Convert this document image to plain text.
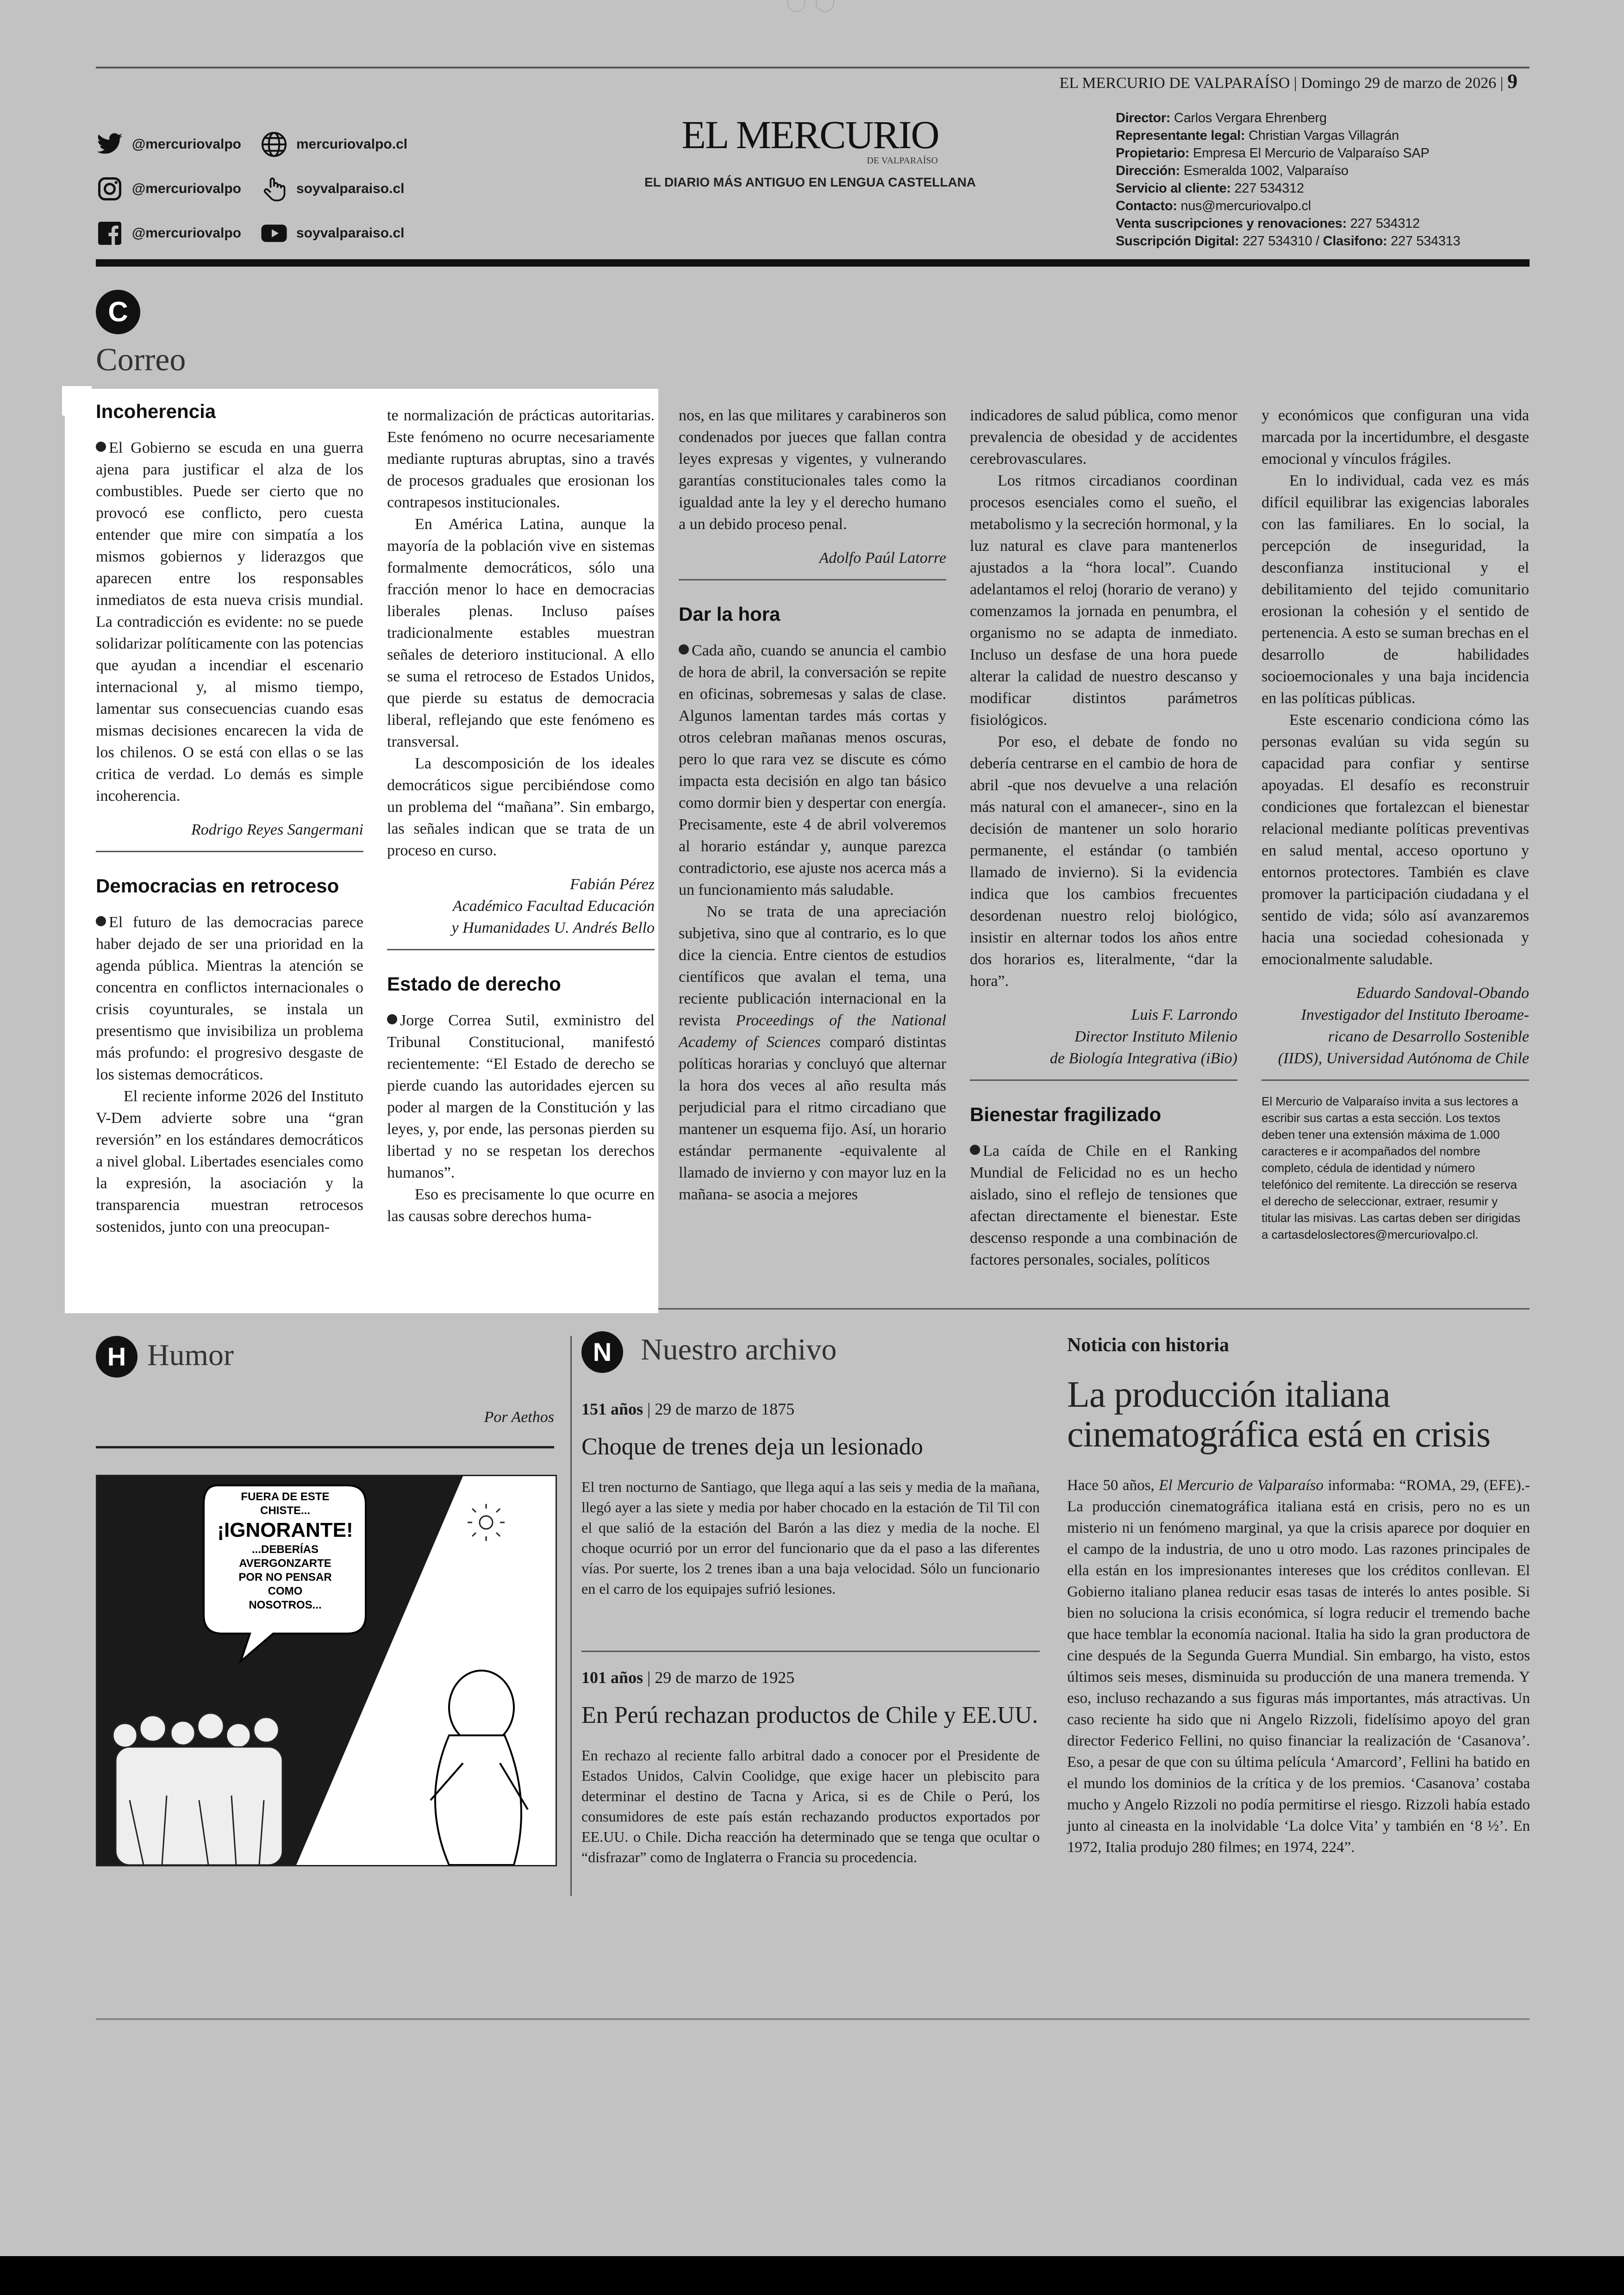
EL MERCURIO DE VALPARAÍSO | Domingo 29 de marzo de 2026 | 9
@mercuriovalpo	mercuriovalpo.cl
@mercuriovalpo	soyvalparaiso.cl
@mercuriovalpo	soyvalparaiso.cl
EL MERCURIO
DE VALPARAÍSO
EL DIARIO MÁS ANTIGUO EN LENGUA CASTELLANA
Director: Carlos Vergara Ehrenberg
Representante legal: Christian Vargas Villagrán
Propietario: Empresa El Mercurio de Valparaíso SAP
Dirección: Esmeralda 1002, Valparaíso
Servicio al cliente: 227 534312
Contacto: nus@mercuriovalpo.cl
Venta suscripciones y renovaciones: 227 534312
Suscripción Digital: 227 534310 / Clasifono: 227 534313
C
Correo
Incoherencia

El Gobierno se escuda en una guerra ajena para justificar el alza de los combustibles. Puede ser cierto que no provocó ese conflicto, pero cuesta entender que mire con simpatía a los mismos gobiernos y liderazgos que aparecen entre los responsables inmediatos de esta nueva crisis mundial. La contradicción es evidente: no se puede solidarizar políticamente con las potencias que ayudan a incendiar el escenario internacional y, al mismo tiempo, lamentar sus consecuencias cuando esas mismas decisiones encarecen la vida de los chilenos. O se está con ellas o se las critica de verdad. Lo demás es simple incoherencia.

Rodrigo Reyes Sangermani
Democracias en retroceso

El futuro de las democracias parece haber dejado de ser una prioridad en la agenda pública. Mientras la atención se concentra en conflictos internacionales o crisis coyunturales, se instala un presentismo que invisibiliza un problema más profundo: el progresivo desgaste de los sistemas democráticos.

El reciente informe 2026 del Instituto V-Dem advierte sobre una “gran reversión” en los estándares democráticos a nivel global. Libertades esenciales como la expresión, la asociación y la transparencia muestran retrocesos sostenidos, junto con una preocupan-

te normalización de prácticas autoritarias. Este fenómeno no ocurre necesariamente mediante rupturas abruptas, sino a través de procesos graduales que erosionan los contrapesos institucionales.

En América Latina, aunque la mayoría de la población vive en sistemas formalmente democráticos, sólo una fracción menor lo hace en democracias liberales plenas. Incluso países tradicionalmente estables muestran señales de deterioro institucional. A ello se suma el retroceso de Estados Unidos, que pierde su estatus de democracia liberal, reflejando que este fenómeno es transversal.

La descomposición de los ideales democráticos sigue percibiéndose como un problema del “mañana”. Sin embargo, las señales indican que se trata de un proceso en curso.

Fabián Pérez
Académico Facultad Educación
y Humanidades U. Andrés Bello
Estado de derecho

Jorge Correa Sutil, exministro del Tribunal Constitucional, manifestó recientemente: “El Estado de derecho se pierde cuando las autoridades ejercen su poder al margen de la Constitución y las leyes, y, por ende, las personas pierden su libertad y no se respetan los derechos humanos”.

Eso es precisamente lo que ocurre en las causas sobre derechos huma-

nos, en las que militares y carabineros son condenados por jueces que fallan contra leyes expresas y vigentes, y vulnerando garantías constitucionales tales como la igualdad ante la ley y el derecho humano a un debido proceso penal.

Adolfo Paúl Latorre
Dar la hora

Cada año, cuando se anuncia el cambio de hora de abril, la conversación se repite en oficinas, sobremesas y salas de clase. Algunos lamentan tardes más cortas y otros celebran mañanas menos oscuras, pero lo que rara vez se discute es cómo impacta esta decisión en algo tan básico como dormir bien y despertar con energía. Precisamente, este 4 de abril volveremos al horario estándar y, aunque parezca contradictorio, ese ajuste nos acerca más a un funcionamiento más saludable.

No se trata de una apreciación subjetiva, sino que al contrario, es lo que dice la ciencia. Entre cientos de estudios científicos que avalan el tema, una reciente publicación internacional en la revista Proceedings of the National Academy of Sciences comparó distintas políticas horarias y concluyó que alternar la hora dos veces al año resulta más perjudicial para el ritmo circadiano que mantener un esquema fijo. Así, un horario estándar permanente -equivalente al llamado de invierno y con mayor luz en la mañana- se asocia a mejores

indicadores de salud pública, como menor prevalencia de obesidad y de accidentes cerebrovasculares.

Los ritmos circadianos coordinan procesos esenciales como el sueño, el metabolismo y la secreción hormonal, y la luz natural es clave para mantenerlos ajustados a la “hora local”. Cuando adelantamos el reloj (horario de verano) y comenzamos la jornada en penumbra, el organismo no se adapta de inmediato. Incluso un desfase de una hora puede alterar la calidad de nuestro descanso y modificar distintos parámetros fisiológicos.

Por eso, el debate de fondo no debería centrarse en el cambio de hora de abril -que nos devuelve a una relación más natural con el amanecer-, sino en la decisión de mantener un solo horario permanente, el estándar (o también llamado de invierno). Si la evidencia indica que los cambios frecuentes desordenan nuestro reloj biológico, insistir en alternar todos los años entre dos horarios es, literalmente, “dar la hora”.

Luis F. Larrondo
Director Instituto Milenio
de Biología Integrativa (iBio)
Bienestar fragilizado

La caída de Chile en el Ranking Mundial de Felicidad no es un hecho aislado, sino el reflejo de tensiones que afectan directamente el bienestar. Este descenso responde a una combinación de factores personales, sociales, políticos

y económicos que configuran una vida marcada por la incertidumbre, el desgaste emocional y vínculos frágiles.

En lo individual, cada vez es más difícil equilibrar las exigencias laborales con las familiares. En lo social, la percepción de inseguridad, la desconfianza institucional y el debilitamiento del tejido comunitario erosionan la cohesión y el sentido de pertenencia. A esto se suman brechas en el desarrollo de habilidades socioemocionales y una baja incidencia en las políticas públicas.

Este escenario condiciona cómo las personas evalúan su vida según su capacidad para confiar y sentirse apoyadas. El desafío es reconstruir condiciones que fortalezcan el bienestar relacional mediante políticas preventivas en salud mental, acceso oportuno y entornos protectores. También es clave promover la participación ciudadana y el sentido de vida; sólo así avanzaremos hacia una sociedad cohesionada y emocionalmente saludable.

Eduardo Sandoval-Obando
Investigador del Instituto Iberoame-
ricano de Desarrollo Sostenible
(IIDS), Universidad Autónoma de Chile
El Mercurio de Valparaíso invita a sus lectores a escribir sus cartas a esta sección. Los textos deben tener una extensión máxima de 1.000 caracteres e ir acompañados del nombre completo, cédula de identidad y número telefónico del remitente. La dirección se reserva el derecho de seleccionar, extraer, resumir y titular las misivas. Las cartas deben ser dirigidas a cartasdeloslectores@mercuriovalpo.cl.
H Humor
Por Aethos
FUERA DE ESTE
CHISTE...
¡IGNORANTE!
...DEBERÍAS
AVERGONZARTE
POR NO PENSAR
COMO
NOSOTROS...
N Nuestro archivo
151 años | 29 de marzo de 1875
Choque de trenes deja un lesionado
El tren nocturno de Santiago, que llega aquí a las seis y media de la mañana, llegó ayer a las siete y media por haber chocado en la estación de Til Til con el que salió de la estación del Barón a las diez y media de la noche. El choque ocurrió por un error del funcionario que da el paso a las diferentes vías. Por suerte, los 2 trenes iban a una baja velocidad. Sólo un funcionario en el carro de los equipajes sufrió lesiones.
101 años | 29 de marzo de 1925
En Perú rechazan productos de Chile y EE.UU.
En rechazo al reciente fallo arbitral dado a conocer por el Presidente de Estados Unidos, Calvin Coolidge, que exige hacer un plebiscito para determinar el destino de Tacna y Arica, si es de Chile o Perú, los consumidores de este país están rechazando productos exportados por EE.UU. o Chile. Dicha reacción ha determinado que se tenga que ocultar o “disfrazar” como de Inglaterra o Francia su procedencia.
Noticia con historia
La producción italiana cinematográfica está en crisis
Hace 50 años, El Mercurio de Valparaíso informaba: “ROMA, 29, (EFE).- La producción cinematográfica italiana está en crisis, pero no es un misterio ni un fenómeno marginal, ya que la crisis aparece por doquier en el campo de la industria, de uno u otro modo. Las razones principales de ella están en los impresionantes intereses que los créditos conllevan. El Gobierno italiano planea reducir esas tasas de interés lo antes posible. Si bien no soluciona la crisis económica, sí logra reducir el tremendo bache que hace temblar la economía nacional. Italia ha sido la gran productora de cine después de la Segunda Guerra Mundial. Sin embargo, ha visto, estos últimos seis meses, disminuida su producción de una manera tremenda. Y eso, incluso rechazando a sus figuras más importantes, más atractivas. Un caso reciente ha sido que ni Angelo Rizzoli, fidelísimo apoyo del gran director Federico Fellini, no quiso financiar la realización de ‘Casanova’. Eso, a pesar de que con su última película ‘Amarcord’, Fellini ha batido en el mundo los dominios de la crítica y de los premios. ‘Casanova’ costaba mucho y Angelo Rizzoli no podía permitirse el riesgo. Rizzoli había estado junto al cineasta en la inolvidable ‘La dolce Vita’ y también en ‘8 ½’. En 1972, Italia produjo 280 filmes; en 1974, 224”.
